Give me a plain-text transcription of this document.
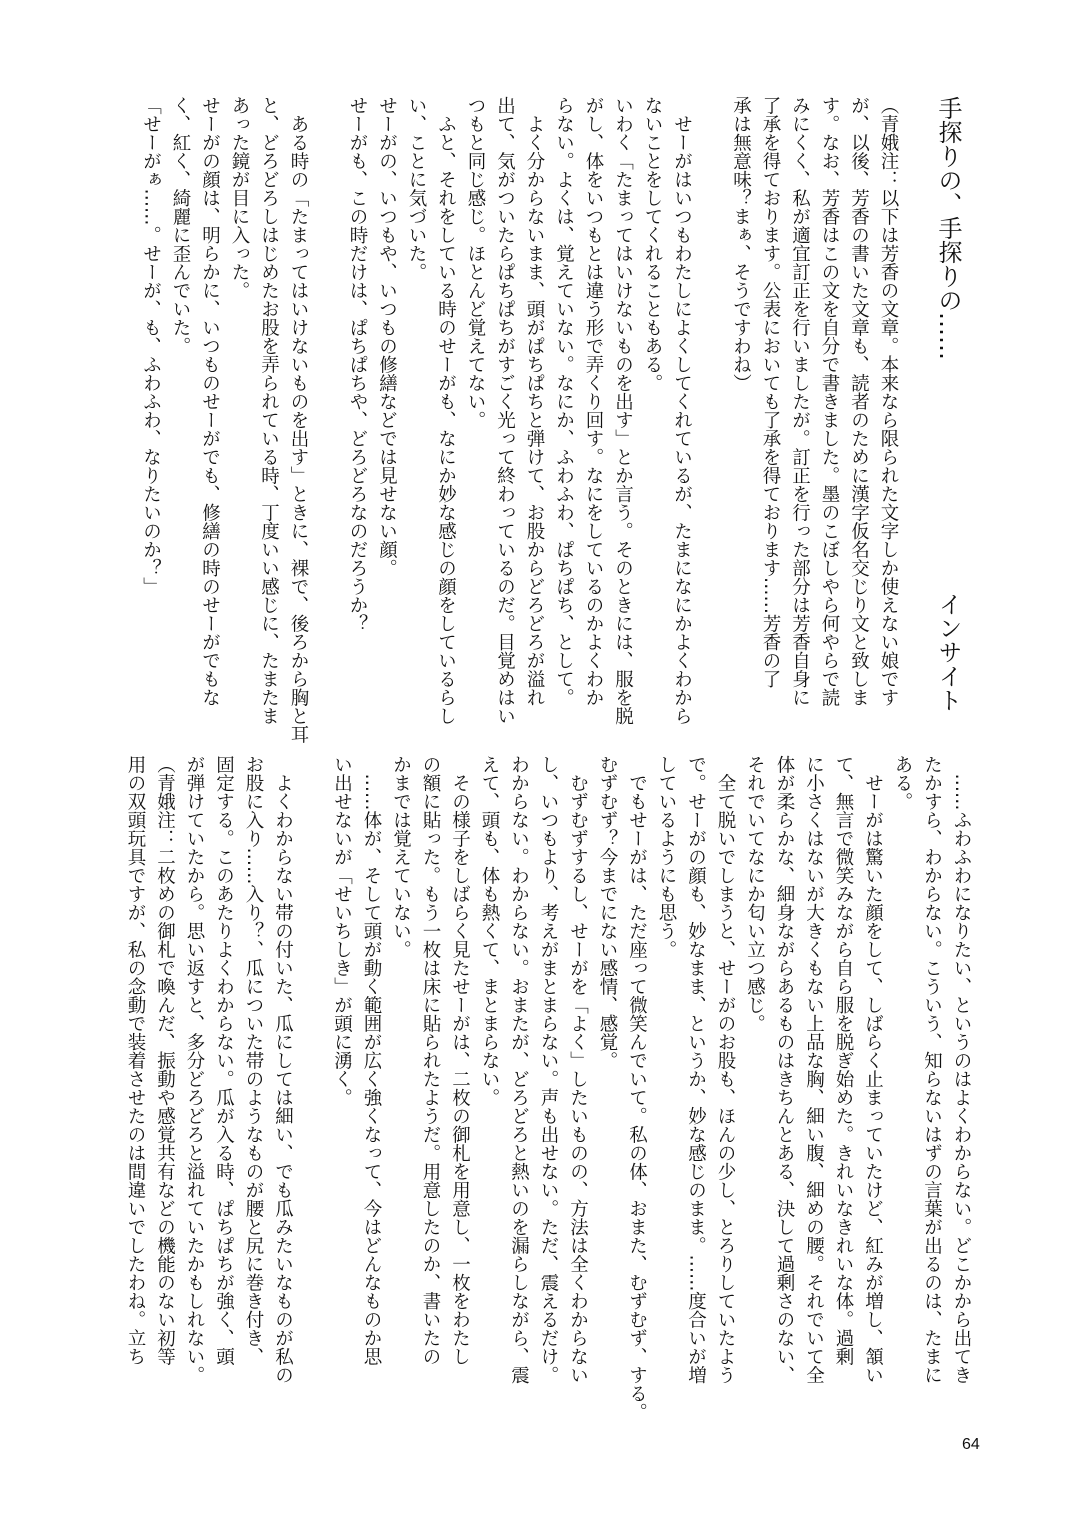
手探りの、手探りの……
インサイト
（青娥注：以下は芳香の文章。本来なら限られた文字しか使えない娘です
が、以後、芳香の書いた文章も、読者のために漢字仮名交じり文と致しま
す。なお、芳香はこの文を自分で書きました。墨のこぼしやら何やらで読
みにくく、私が適宜訂正を行いましたが。訂正を行った部分は芳香自身に
了承を得ております。公表においても了承を得ております……芳香の了
承は無意味？まぁ、そうですわね）
　せーがはいつもわたしによくしてくれているが、たまになにかよくわから
ないことをしてくれることもある。
いわく「たまってはいけないものを出す」とか言う。そのときには、服を脱
がし、体をいつもとは違う形で弄くり回す。なにをしているのかよくわか
らない。よくは、覚えていない。なにか、ふわふわ、ぱちぱち、として。
　よく分からないまま、頭がぱちぱちと弾けて、お股からどろどろが溢れ
出て、気がついたらぱちぱちがすごく光って終わっているのだ。目覚めはい
つもと同じ感じ。ほとんど覚えてない。
　ふと、それをしている時のせーがも、なにか妙な感じの顔をしているらし
い、ことに気づいた。
せーがの、いつもや、いつもの修繕などでは見せない顔。
せーがも、この時だけは、ぱちぱちや、どろどろなのだろうか？
　ある時の「たまってはいけないものを出す」ときに、裸で、後ろから胸と耳
と、どろどろしはじめたお股を弄られている時、丁度いい感じに、たまたま
あった鏡が目に入った。
せーがの顔は、明らかに、いつものせーがでも、修繕の時のせーがでもな
く、紅く、綺麗に歪んでいた。
「せーがぁ……。せーが、も、ふわふわ、なりたいのか？」
　……ふわふわになりたい、というのはよくわからない。どこかから出てき
たかすら、わからない。こういう、知らないはずの言葉が出るのは、たまに
ある。
　せーがは驚いた顔をして、しばらく止まっていたけど、紅みが増し、頷い
て、無言で微笑みながら自ら服を脱ぎ始めた。きれいなきれいな体。過剰
に小さくはないが大きくもない上品な胸、細い腹、細めの腰。それでいて全
体が柔らかな、細身ながらあるものはきちんとある、決して過剰さのない、
それでいてなにか匂い立つ感じ。
　全て脱いでしまうと、せーがのお股も、ほんの少し、とろりしていたよう
で。せーがの顔も、妙なまま、というか、妙な感じのまま。……度合いが増
しているようにも思う。
　でもせーがは、ただ座って微笑んでいて。私の体、おまた、むずむず、する。
むずむず？今までにない感情、感覚。
　むずむずするし、せーがを「よく」したいものの、方法は全くわからない
し、いつもより、考えがまとまらない。声も出せない。ただ、震えるだけ。
わからない。わからない。おまたが、どろどろと熱いのを漏らしながら、震
えて、頭も、体も熱くて、まとまらない。
　その様子をしばらく見たせーがは、二枚の御札を用意し、一枚をわたし
の額に貼った。もう一枚は床に貼られたようだ。用意したのか、書いたの
かまでは覚えていない。
　……体が、そして頭が動く範囲が広く強くなって、今はどんなものか思
い出せないが「せいちしき」が頭に湧く。
　よくわからない帯の付いた、瓜にしては細い、でも瓜みたいなものが私の
お股に入り……入り？、瓜についた帯のようなものが腰と尻に巻き付き、
固定する。このあたりよくわからない。瓜が入る時、ぱちぱちが強く、頭
が弾けていたから。思い返すと、多分どろどろと溢れていたかもしれない。
（青娥注：二枚めの御札で喚んだ、振動や感覚共有などの機能のない初等
用の双頭玩具ですが、私の念動で装着させたのは間違いでしたわね。立ち
64
